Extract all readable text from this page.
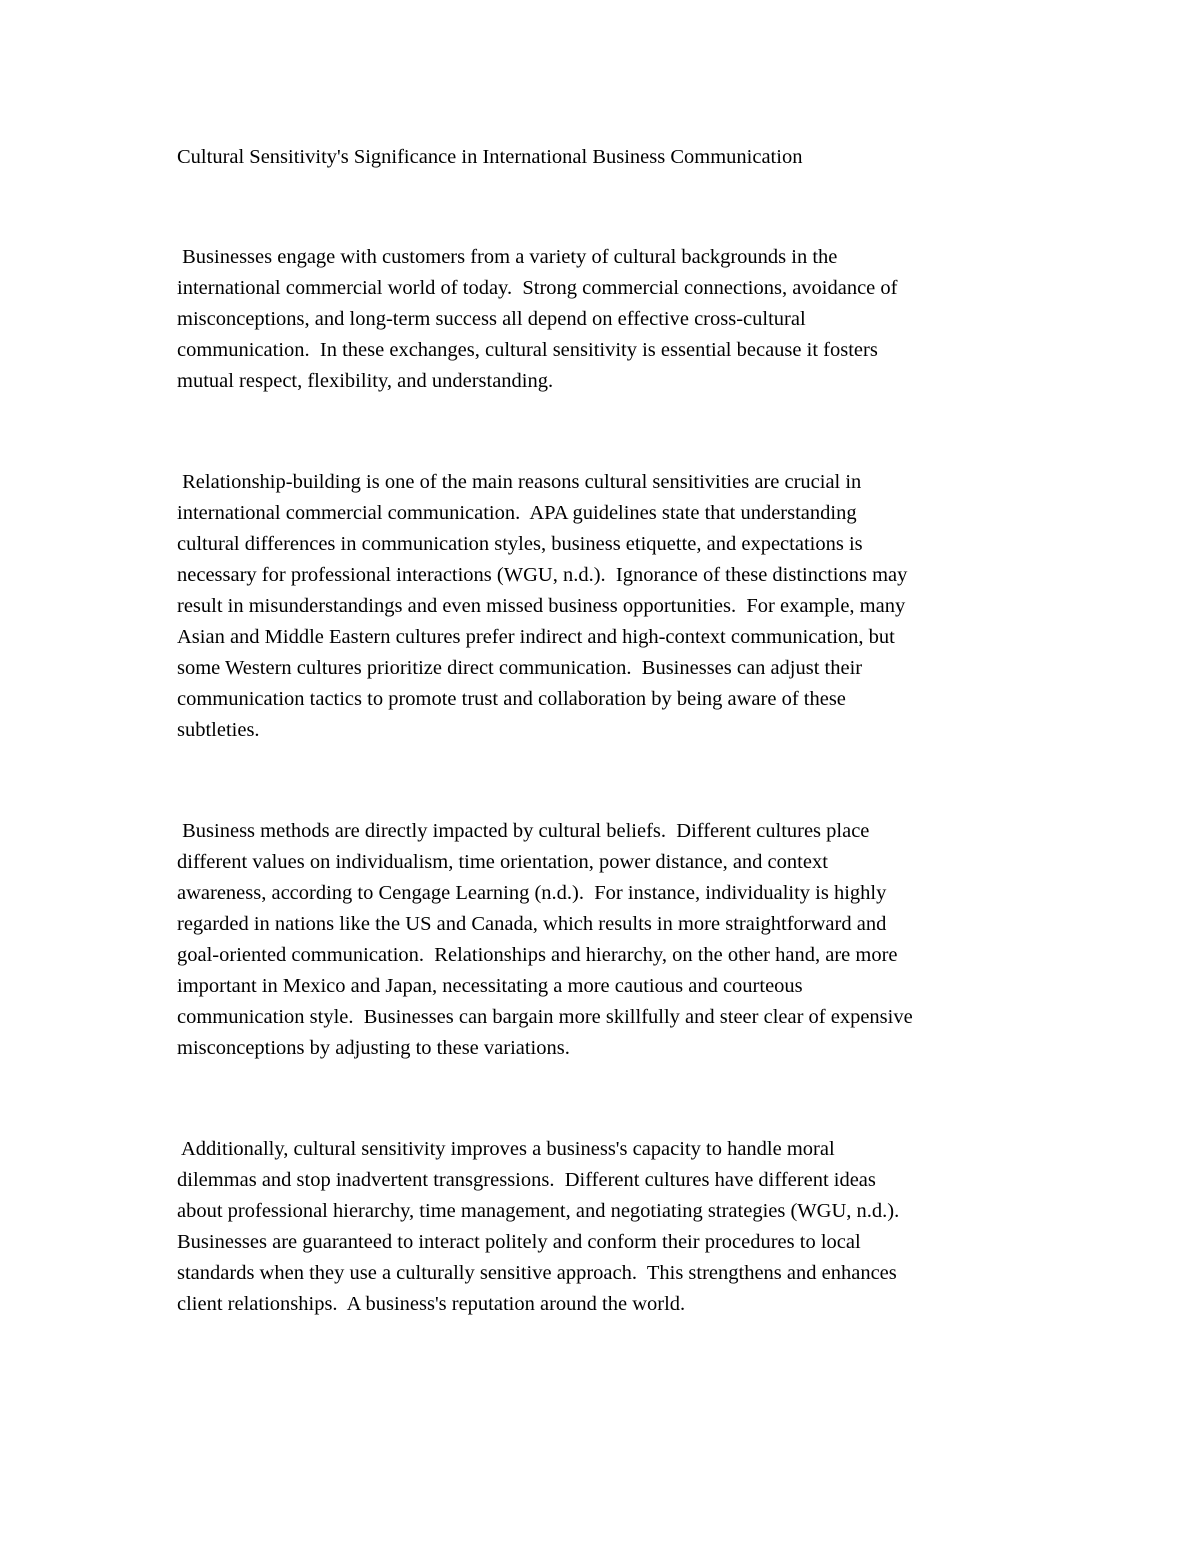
Cultural Sensitivity's Significance in International Business Communication

Businesses engage with customers from a variety of cultural backgrounds in the
international commercial world of today.  Strong commercial connections, avoidance of
misconceptions, and long-term success all depend on effective cross-cultural
communication.  In these exchanges, cultural sensitivity is essential because it fosters
mutual respect, flexibility, and understanding.

Relationship-building is one of the main reasons cultural sensitivities are crucial in
international commercial communication.  APA guidelines state that understanding
cultural differences in communication styles, business etiquette, and expectations is
necessary for professional interactions (WGU, n.d.).  Ignorance of these distinctions may
result in misunderstandings and even missed business opportunities.  For example, many
Asian and Middle Eastern cultures prefer indirect and high-context communication, but
some Western cultures prioritize direct communication.  Businesses can adjust their
communication tactics to promote trust and collaboration by being aware of these
subtleties.

Business methods are directly impacted by cultural beliefs.  Different cultures place
different values on individualism, time orientation, power distance, and context
awareness, according to Cengage Learning (n.d.).  For instance, individuality is highly
regarded in nations like the US and Canada, which results in more straightforward and
goal-oriented communication.  Relationships and hierarchy, on the other hand, are more
important in Mexico and Japan, necessitating a more cautious and courteous
communication style.  Businesses can bargain more skillfully and steer clear of expensive
misconceptions by adjusting to these variations.

Additionally, cultural sensitivity improves a business's capacity to handle moral
dilemmas and stop inadvertent transgressions.  Different cultures have different ideas
about professional hierarchy, time management, and negotiating strategies (WGU, n.d.).
Businesses are guaranteed to interact politely and conform their procedures to local
standards when they use a culturally sensitive approach.  This strengthens and enhances
client relationships.  A business's reputation around the world.
